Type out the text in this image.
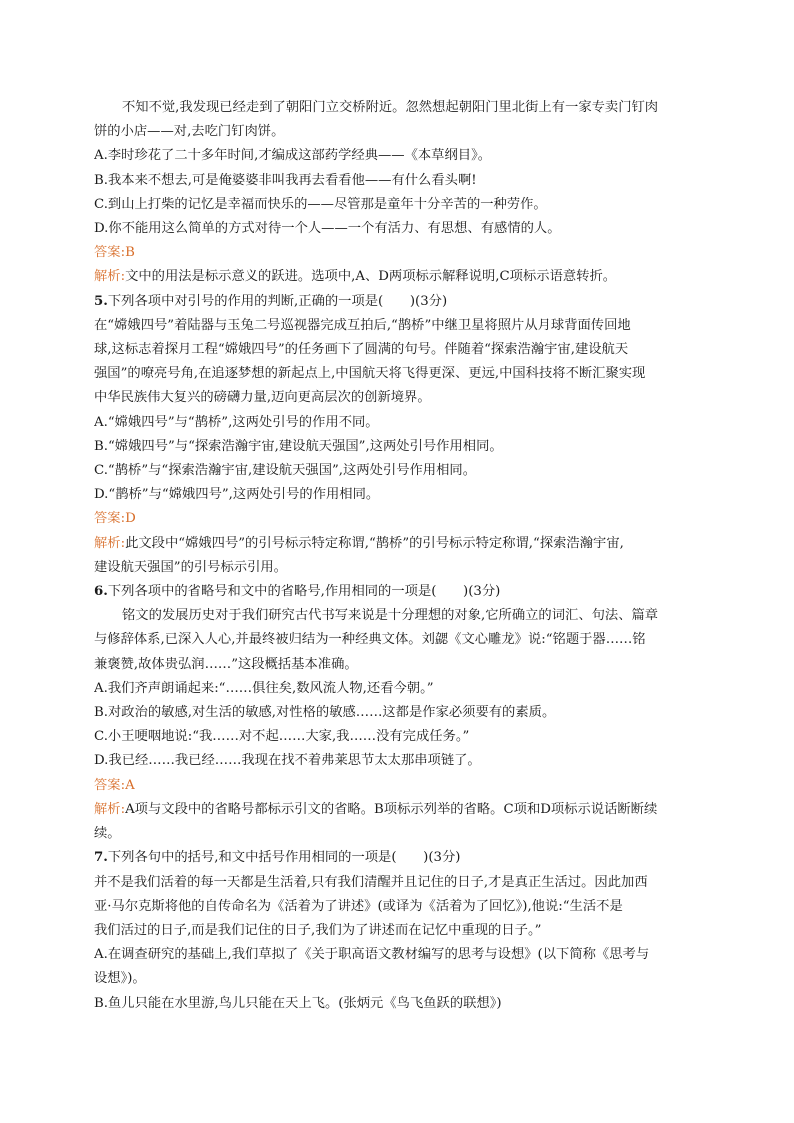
不知不觉,我发现已经走到了朝阳门立交桥附近。忽然想起朝阳门里北街上有一家专卖门钉肉

饼的小店——对,去吃门钉肉饼。

A.李时珍花了二十多年时间,才编成这部药学经典——《本草纲目》。

B.我本来不想去,可是俺婆婆非叫我再去看看他——有什么看头啊!

C.到山上打柴的记忆是幸福而快乐的——尽管那是童年十分辛苦的一种劳作。

D.你不能用这么简单的方式对待一个人——一个有活力、有思想、有感情的人。

答案:B

解析:文中的用法是标示意义的跃进。选项中,A、D两项标示解释说明,C项标示语意转折。

5.下列各项中对引号的作用的判断,正确的一项是(　　)(3分)

在“嫦娥四号”着陆器与玉兔二号巡视器完成互拍后,“鹊桥”中继卫星将照片从月球背面传回地

球,这标志着探月工程“嫦娥四号”的任务画下了圆满的句号。伴随着“探索浩瀚宇宙,建设航天

强国”的嘹亮号角,在追逐梦想的新起点上,中国航天将飞得更深、更远,中国科技将不断汇聚实现

中华民族伟大复兴的磅礴力量,迈向更高层次的创新境界。

A.“嫦娥四号”与“鹊桥”,这两处引号的作用不同。

B.“嫦娥四号”与“探索浩瀚宇宙,建设航天强国”,这两处引号作用相同。

C.“鹊桥”与“探索浩瀚宇宙,建设航天强国”,这两处引号作用相同。

D.“鹊桥”与“嫦娥四号”,这两处引号的作用相同。

答案:D

解析:此文段中“嫦娥四号”的引号标示特定称谓,“鹊桥”的引号标示特定称谓,“探索浩瀚宇宙,

建设航天强国”的引号标示引用。

6.下列各项中的省略号和文中的省略号,作用相同的一项是(　　)(3分)

铭文的发展历史对于我们研究古代书写来说是十分理想的对象,它所确立的词汇、句法、篇章

与修辞体系,已深入人心,并最终被归结为一种经典文体。刘勰《文心雕龙》说:“铭题于器……铭

兼褒赞,故体贵弘润……”这段概括基本准确。

A.我们齐声朗诵起来:“……俱往矣,数风流人物,还看今朝。”

B.对政治的敏感,对生活的敏感,对性格的敏感……这都是作家必须要有的素质。

C.小王哽咽地说:“我……对不起……大家,我……没有完成任务。”

D.我已经……我已经……我现在找不着弗莱思节太太那串项链了。

答案:A

解析:A项与文段中的省略号都标示引文的省略。B项标示列举的省略。C项和D项标示说话断断续

续。

7.下列各句中的括号,和文中括号作用相同的一项是(　　)(3分)

并不是我们活着的每一天都是生活着,只有我们清醒并且记住的日子,才是真正生活过。因此加西

亚·马尔克斯将他的自传命名为《活着为了讲述》(或译为《活着为了回忆》),他说:“生活不是

我们活过的日子,而是我们记住的日子,我们为了讲述而在记忆中重现的日子。”

A.在调查研究的基础上,我们草拟了《关于职高语文教材编写的思考与设想》(以下简称《思考与

设想》)。

B.鱼儿只能在水里游,鸟儿只能在天上飞。(张炳元《鸟飞鱼跃的联想》)
